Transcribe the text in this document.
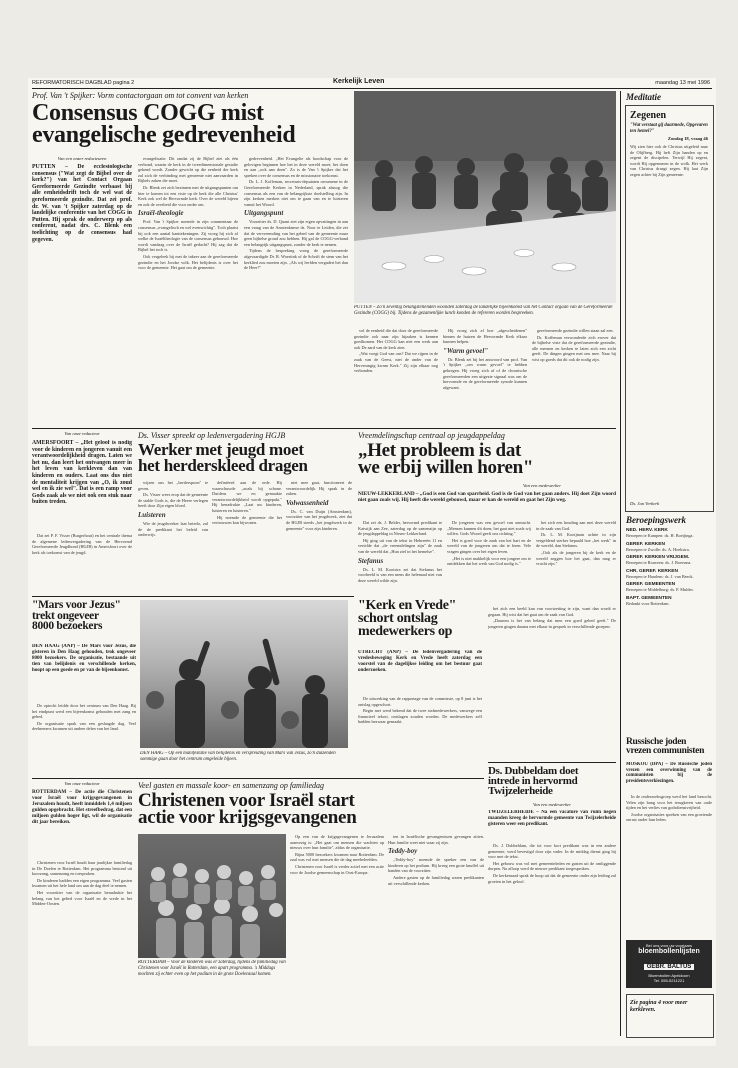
REFORMATORISCH DAGBLAD pagina 2	Kerkelijk Leven	maandag 13 mei 1996
Prof. Van 't Spijker: Vorm contactorgaan om tot convent van kerken
Consensus COGG mist
evangelische gedrevenheid
Van een onzer redacteuren
PUTTEN – De ecclesiologische consensus ("Wat zegt de Bijbel over de kerk?") van het Contact Orgaan Gereformeerde Gezindte verbaast bij alle eenheidsdrift toch de wel wat de gereformeerde gezindte. Dat zei prof. dr. W. van 't Spijker zaterdag op de landelijke conferentie van het COGG in Putten. Hij sprak de onderwerp op als conferent, nadat drs. C. Blenk een toelichting op de consensus had gegeven.

evangelisatie. Dit omdat zij de Bijbel ziet als één verbond, waarin de kerk in de tweedimensionale gestalte gekend wordt. Zonder gewicht op die eenheid der kerk zal zich de verbinding met gemeente niet aanvaarden in Bijbels zaken die moet.

Dr. Blenk zei zich bezinnen met de uitgangspunten om hier te komen tot een visie op de kerk die alle Christus' Kerk ook wel de Hervormde kerk. Over de wereld bijeen en ook de overheid die voor onder om.

Israël-theologie

Prof. Van 't Spijker noemde in zijn commentaar de consensus „evangelisch en wel evenwichtig". Toch plaatst hij ook een aantal kanttekeningen. Zij vroeg hij zich af welke de Israëltheologie van de consensus gebouwd. Hoe wordt vandaag over de Israël gedacht? Hij zag dat de Bijbel het toch is.

Ook vergeleek hij met de inkeer aan de gereformeerde gezindte en het Joodse volk. Het belijdenis is over het voor de gemeente. Het gaat om de gemeente.

gedrevenheid. „Het Evangelie als boodschap voor de gelovigen beginnen hoe het in deze wereld moet; het doen en aan „ook aan doen". Zo is de Van 't Spijker dat het spreken over de consensus en de missionaire toekomst.

Dr. L. J. Koffeman, secretaris-deputaten oecumene in de Gereformeerde Kerken in Nederland, sprak alsnog die consensus als een van de belangrijkste doelstelling zijn. In zijn kerken merken niet om te gaan van en te luisteren vanuit het Woord.

Uitgangspunt

Voorzitter ds. D. Quant ziet zijn eigen opvattingen in aan een vraag van de Amsterdamse ds. Noor te Leiden, die zei dat de vervreemding van het gebed van de gemeente maar geen bijbelse grond zou hebben. Hij gaf de COGG-verband een belangrijk uitgangspunt, zonder de kerk te nemen.

Tijdens de bespreking vroeg de gereformeerde afgevaardigde Dr. R. Woertink of de Schrift de stem van het kerklied zou moeten zijn. „Als wij leefden vergadert het dan de Heer?"

PUTTEN – Zo'n zeventig belangstellenden woonden zaterdag de landelijke bijeenkomst van het Contact orgaan van de Gereformeerde Gezindte (COGG) bij. Tijdens de gezamenlijke lunch konden de refereren worden bespreeken.

vol de eenheid die dat door de gereformeerde gezindte ook naar zijn hijzaken is kennen goedkomen. Het COGG kan niet een werk aan ook De aard van de kerk zien.

„Wat voegt God van ons? Dat we rijpen in de zaak van de Geest, niet de ander van de Herverangig kwam Kerk." Zij zijn elkaar nog verbonden.

Hij vroeg zich af hoe „afgescheidenen" binnen de huizen de Hervormde Kerk elkaar kunnen helpen.

"Warm gevoel"

Dr. Blenk zei bij het antwoord van prof. Van 't Spijker „om warm gevoel" te hebben gekregen. Hij vroeg zich af of de chronische gereformeerden een uitgezie signaal was om de hervormde en de gereformeerde synode kunnen afgewant.

gereformeerde gezindte willen staan zal een.

Dr. Koffeman verwonderde zich erover dat de bijbelse visie dat de gereformeerde gezindte, alle mensen en kerken te laten zich een zicht geeft. De dingen gingen met ons mee. Naar hij wist op goeds dat dit ook de nodig zijn.

Van onze redacteur
AMERSFOORT – „Het geloof is nodig voor de kinderen en jongeren vanuit een verantwoordelijkheid dragen. Laten we het nu, dan leert het ontvangen meer in het leven van kerkleven dan van kinderen en ouders. Laat ons dus niet de mentaliteit krijgen van „O, ik zoud wel en ik zie wel". Dat is een ramp voor Gods zaak als we niet ook een stuk naar buiten treden.

Dat zei P. F. Visser (Burgerhout) en het centrale thema de algemene ledenvergadering van de Hervormd Gereformeerde Jeugdbond (HGJB) in Amersfoort over de kerk als toekomst van de jeugd.

Ds. Visser spreekt op ledenvergadering HGJB
Werker met jeugd moet
het herderskleed dragen

wijzen ons het „herderspoon" te geven.

Ds. Visser wees erop dat de gemeente de stalde Gods is, die de Heere verlegen heeft door Zijn eigen bloed.

Luisteren

Wie de jeugdwerker laat beterlo, zal de de predikant het beleid van onderwijs.

definiëerd aan de orde. Hij waarschuwde „zoals hij schone. Duidens we en gemaakte verantwoordelijkheid wordt opgepakt." Hij benadrukte „Laat uw kinderen, luisteren en luisteren."

Hij noemde de gemeente die het vertrouwen kan bijwonen.

niet mee gaat, functioneert de verantwoordelijk Hij sprak in de zaken.

Volwassenheid

Ds. C. van Duijn (Amsterdam), voorzitter van het jeugdwerk, ziet dat de HGJB steeds „het jeugdwerk in de gemeente" voor zijn kinderen.

Vreemdelingschap centraal op jeugdappeldag
„Het probleem is dat
we erbij willen horen"
Van een medewerker
NIEUW-LEKKERLAND – „God is een God van sparrheid. God is de God van het gaan anders. Hij doet Zijn woord niet gaan zoals wij. Hij heeft die wereld gebouwd, maar er kan de wereld en gaat het Zijn weg.

Dat zei ds. J. Belder, hervormd predikant te Katwijk aan Zee, zaterdag op de samenzijn op de jeugdappeldag in Nieuw-Lekkerland.

Hij ging uit van de tekst in Hebreeën 11 en vertelde dat „de vreemdelingen zijn" de zaak van de wereld dat „Hun ziel in het hemelse".

Stefanus

Ds. L. M. Kooistra zei dat Stefanus het voorbeeld is van een mens die helemaal niet van deze wereld wilde zijn.

De jongeren was een gevoel van onmacht. „Mensen kunnen dit doen; het gaat niet zoals wij willen. Gods Woord geeft ons richting."

Het is goed voor de zaak van het hart en de wereld van de jongeren om dat te leren. Vele vragen gingen over het eigen leven.

„Het is niet makkelijk voor een jongere om te ontdekken dat het werk van God nodig is."

het zich een houding aan met deze wereld in de zaak van God.

Dr. L. M. Kooijman achtte in zijn vergeldend sterker bepaald hoe „het werk" in de wereld, dan Stefanus.

„Ook als de jongeren bij de kerk en de wereld zeggen hoe het gaat, dan mag er vrucht zijn."

"Mars voor Jezus"
trekt ongeveer
8000 bezoekers
DEN HAAG (ANP) – De Mars voor Jezus, die gisteren in Den Haag gehouden, trok ongeveer 8000 bezoekers. De organisatie, bestaande uit tien van belijdenis en verschillende kerken, hoopt op een goede en pr van de bijeenkomst.

De optocht leidde door het centrum van Den Haag. Bij het eindpunt werd een bijeenkomst gehouden met zang en gebed.

De organisatie sprak van een geslaagde dag. Veel deelnemers kwamen uit andere delen van het land.

DEN HAAG – Op een manifestatie van belijdenis en verspreiding van Mars van Jezus, zo'n duizenden sommige gaan door het centrum omgeleide bijeen.
"Kerk en Vrede"
schort ontslag
medewerkers op
UTRECHT (ANP) – De ledenvergadering van de vredesbeweging Kerk en Vrede heeft zaterdag een voorstel van de dagelijkse leiding om het bestuur gaat onderzoeken.

De uitwerking van de rapportage van de commissie, op 8 juni is het ontslag opgeschort.

Begin mei werd bekend dat de twee stafmedewerkers, vanwege een financieel tekort, ontslagen zouden worden. De medewerkers zelf hadden bezwaar gemaakt.

bet zich een beeld kan van voortzetting te zijn, want dan wordt er gegaan. Hij wist dat het gaat om de zaak van God.

„Daarom is het van belang dat men een goed gebed geeft." De jongeren gingen daarna met elkaar in gesprek in verschillende groepen.

Ds. Dubbeldam doet
intrede in hervormd
Twijzelerheide
Van een medewerker
TWIJZELERHEIDE – Na een vacature van ruim negen maanden kreeg de hervormde gemeente van Twijzelerheide gisteren weer een predikant.

Ds. J. Dubbeldam, die tot voor kort predikant was in een andere gemeente, werd bevestigd door zijn vader. In de middag dienst ging hij voor met de tekst.

Het gebouw was vol met gemeenteleden en gasten uit de omliggende dorpen. Na afloop werd de nieuwe predikant toegesproken.

De kerkenraad sprak de hoop uit dat de gemeente onder zijn leiding zal groeien in het geloof.

Van onze redacteur
ROTTERDAM – De actie die Christenen voor Israël voor krijgsgevangenen in Jeruzalem houdt, heeft inmiddels 1,4 miljoen gulden opgebracht. Het streefbedrag, dat een miljoen gulden hoger ligt, wil de organisatie dit jaar bereiken.

Christenen voor Israël houdt haar jaarlijkse familiedag in De Doelen te Rotterdam. Het programma bestond uit koorzang, samenzang en toespraken.

De kinderen hadden een eigen programma. Veel gasten kwamen uit het hele land om aan de dag deel te nemen.

Het voorzitter van de organisatie benadrukte het belang van het gebed voor Israël en de vrede in het Midden-Oosten.

Veel gasten en massale koor- en samenzang op familiedag
Christenen voor Israël start
actie voor krijgsgevangenen
ROTTERDAM – Voor de kinderen was er zaterdag, tijdens de familiedag van Christenen voor Israël in Rotterdam, een apart programma. 's Middags mochten zij echter even op het podium in de grote Doelenzaal komen.

Op een van de krijgsgevangenen te Jeruzalem aanwezig is: „Het gaat om mensen die wachten op nieuws over hun familie", aldus de organisatie.

Bijna 5000 bezoekers kwamen naar Rotterdam. De zaal was vol met mensen die de dag meebeleefden.

Christenen voor Israël is verder actief met een actie voor de Joodse gemeenschap in Oost-Europa.

ten in Israëlische gevangenissen gevangen zitten. Hun familie weet niet waar zij zijn.

Teddy-boy

„Teddy-boy" noemde de spreker een van de kinderen op het podium. Hij kreeg een grote knuffel uit handen van de voorzitter.

Andere gasten op de familiedag waren predikanten uit verschillende kerken.

Meditatie
Zegenen
"Wat verstaat gij daarmede, Opgevaren ten hemel?"
Zondag 18, vraag 46
Wij zien hier ook de Christus uitgeleid naar de Olijfberg. Hij heft Zijn handen op en zegent de discipelen. Terwijl Hij zegent, wordt Hij opgenomen in de wolk. Het werk van Christus draagt zegen. Hij laat Zijn zegen achter bij Zijn gemeente.
Ds. Jan Verkerk
Beroepingswerk
NED. HERV. KERK
Beroepen te Kampen: ds. H. Boeijinga.
GEREF. KERKEN
Beroepen te Zwolle: ds. A. Hoekstra.
GEREF. KERKEN VRIJGEM.
Beroepen te Rouveen: ds. J. Boersma.
CHR. GEREF. KERKEN
Beroepen te Haarlem: ds. J. van Beeck.
GEREF. GEMEENTEN
Beroepen te Middelburg: ds. P. Mulder.
BAPT. GEMEENTEN
Bedankt voor Rotterdam.
Russische joden
vrezen communisten
MOSKOU (DPA) – De Russische joden vrezen een overwinning van de communisten bij de presidentsverkiezingen.

In de onderzoeksgroep werd het land bezocht. Velen zijn bang voor het terugkeren van oude tijden en het verlies van godsdienstvrijheid.

Joodse organisaties spreken van een groeiende onrust onder hun leden.

Bel ons voor uw voorjaars
bloembollenlijsten
GEBR. BALTUS
Bloembollen Apeldoorn
Tel. 055-5211221
Zie pagina 4 voor meer kerkleven.
